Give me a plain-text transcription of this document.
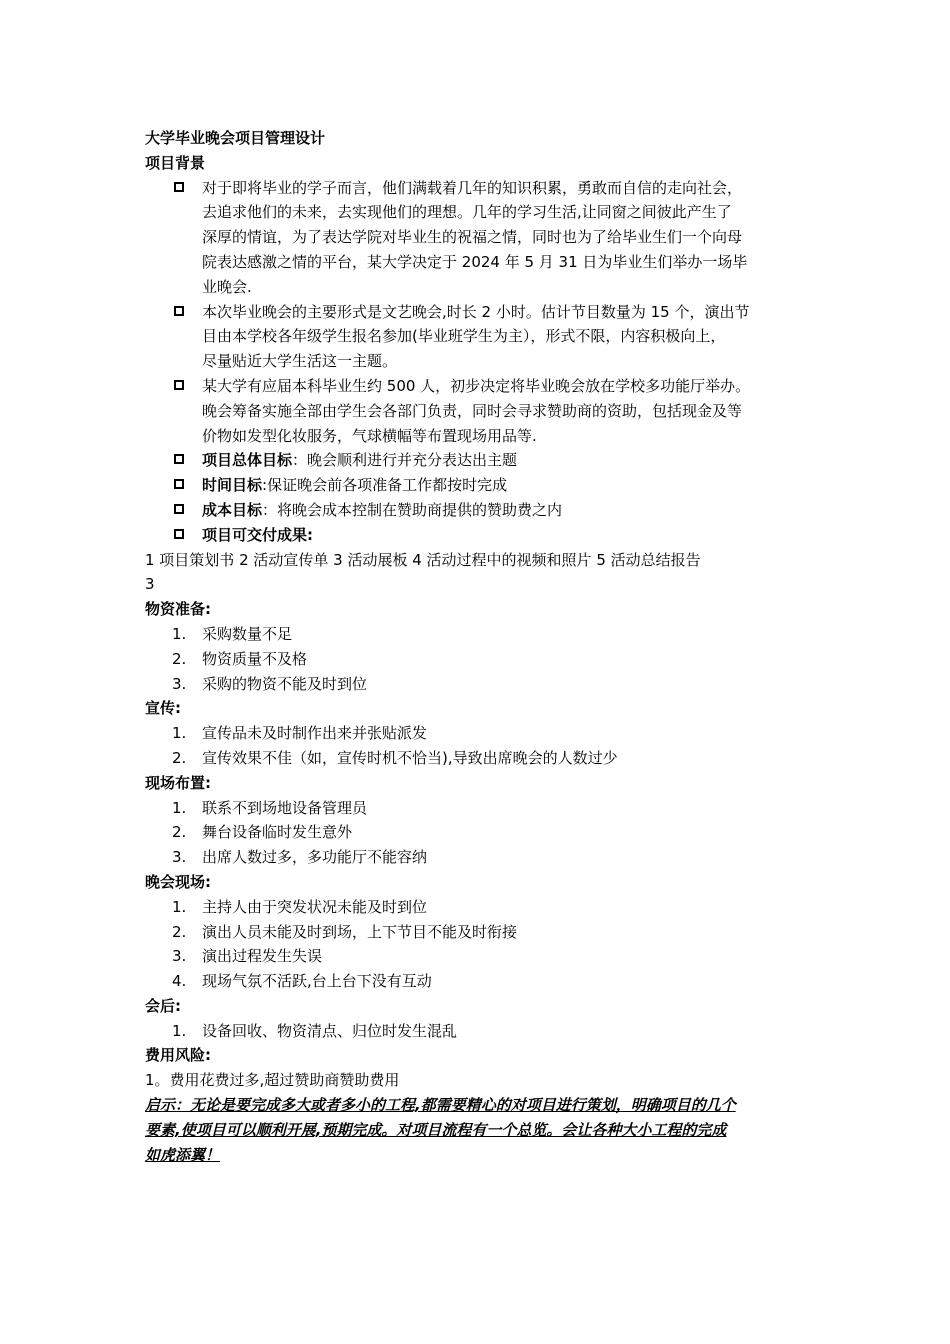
大学毕业晚会项目管理设计
项目背景
对于即将毕业的学子而言，他们满载着几年的知识积累，勇敢而自信的走向社会，
去追求他们的未来，去实现他们的理想。几年的学习生活,让同窗之间彼此产生了
深厚的情谊，为了表达学院对毕业生的祝福之情，同时也为了给毕业生们一个向母
院表达感激之情的平台，某大学决定于 2024 年 5 月 31 日为毕业生们举办一场毕
业晚会.
本次毕业晚会的主要形式是文艺晚会,时长 2 小时。估计节目数量为 15 个，演出节
目由本学校各年级学生报名参加(毕业班学生为主），形式不限，内容积极向上，
尽量贴近大学生活这一主题。
某大学有应届本科毕业生约 500 人，初步决定将毕业晚会放在学校多功能厅举办。
晚会筹备实施全部由学生会各部门负责，同时会寻求赞助商的资助，包括现金及等
价物如发型化妆服务，气球横幅等布置现场用品等.
项目总体目标：晚会顺利进行并充分表达出主题
时间目标:保证晚会前各项准备工作都按时完成
成本目标：将晚会成本控制在赞助商提供的赞助费之内
项目可交付成果:
1 项目策划书 2 活动宣传单 3 活动展板 4 活动过程中的视频和照片 5 活动总结报告
3
物资准备:
1. 采购数量不足
2. 物资质量不及格
3. 采购的物资不能及时到位
宣传:
1. 宣传品未及时制作出来并张贴派发
2. 宣传效果不佳（如，宣传时机不恰当),导致出席晚会的人数过少
现场布置:
1. 联系不到场地设备管理员
2. 舞台设备临时发生意外
3. 出席人数过多，多功能厅不能容纳
晚会现场:
1. 主持人由于突发状况未能及时到位
2. 演出人员未能及时到场，上下节目不能及时衔接
3. 演出过程发生失误
4. 现场气氛不活跃,台上台下没有互动
会后:
1. 设备回收、物资清点、归位时发生混乱
费用风险:
1。费用花费过多,超过赞助商赞助费用
启示：无论是要完成多大或者多小的工程,都需要精心的对项目进行策划，明确项目的几个
要素,使项目可以顺利开展,预期完成。对项目流程有一个总览。会让各种大小工程的完成
如虎添翼！
